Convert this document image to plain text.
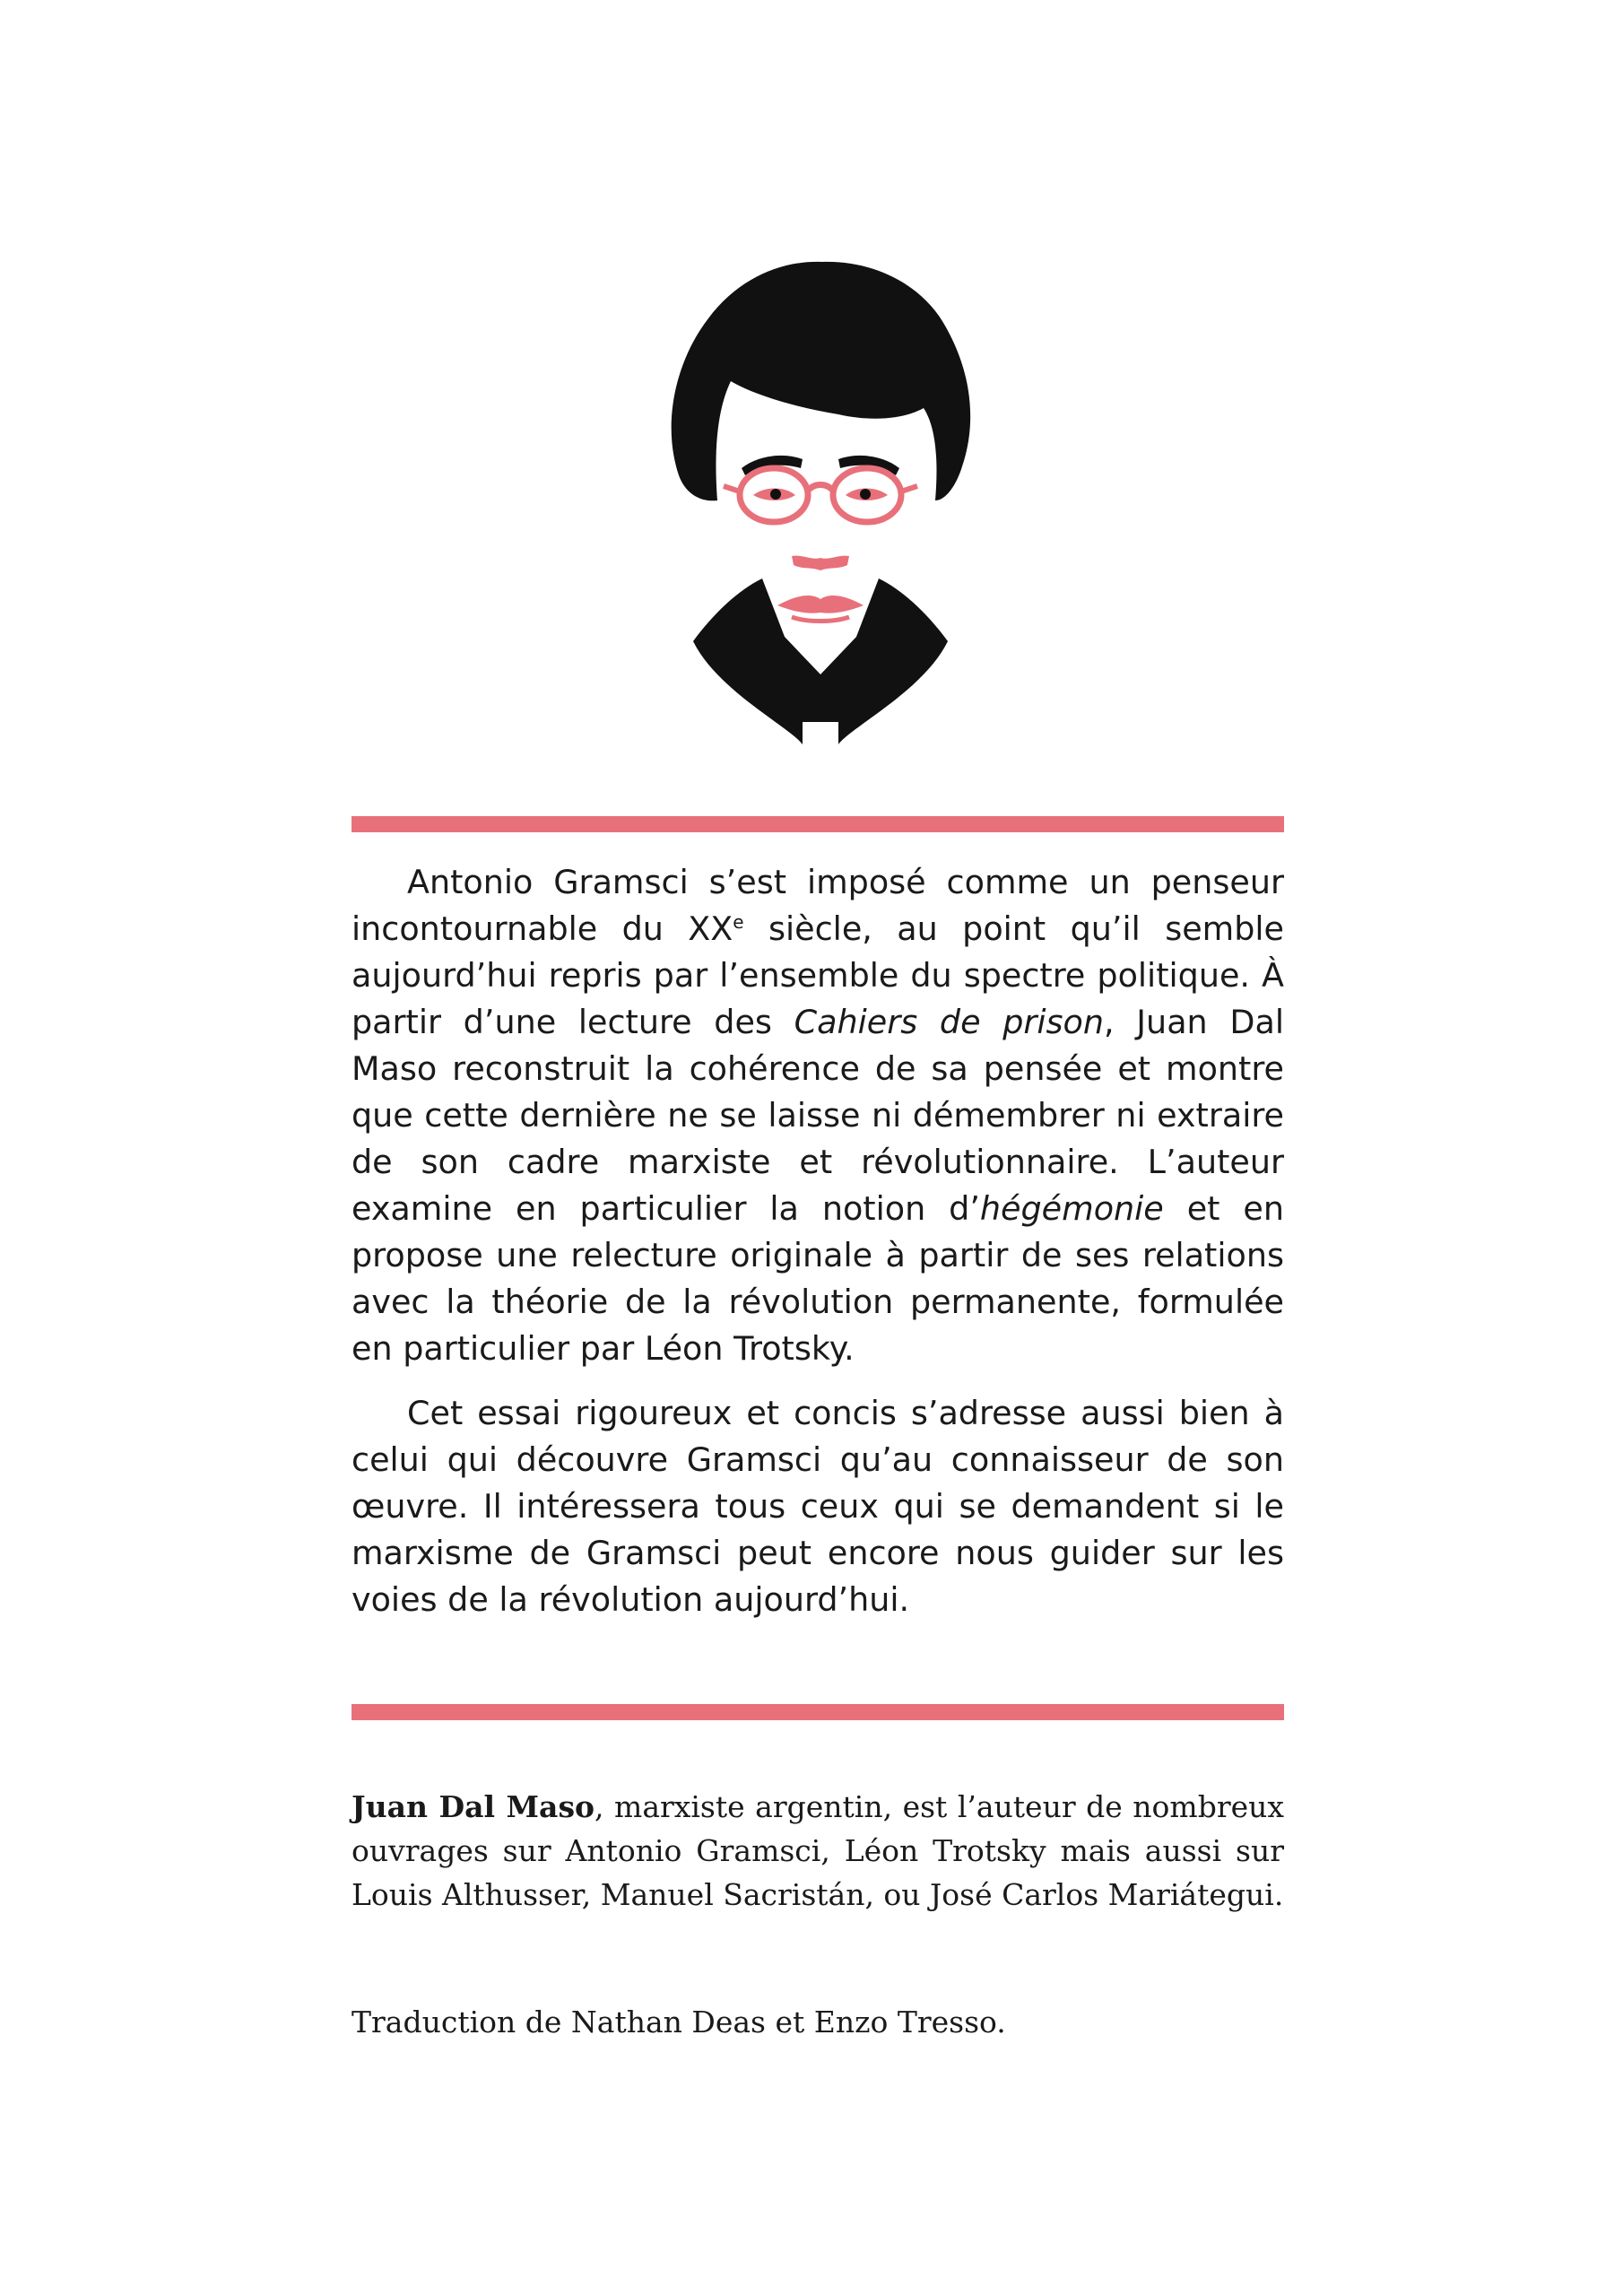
Antonio Gramsci s’est imposé comme un penseur incontournable du XXe siècle, au point qu’il semble aujourd’hui repris par l’ensemble du spectre politique. À partir d’une lecture des Cahiers de prison, Juan Dal Maso reconstruit la cohérence de sa pensée et montre que cette dernière ne se laisse ni démembrer ni extraire de son cadre marxiste et révolutionnaire. L’auteur examine en particulier la notion d’hégémonie et en propose une relecture originale à partir de ses relations avec la théorie de la révolution permanente, formulée en particulier par Léon Trotsky.

Cet essai rigoureux et concis s’adresse aussi bien à celui qui découvre Gramsci qu’au connaisseur de son œuvre. Il intéressera tous ceux qui se demandent si le marxisme de Gramsci peut encore nous guider sur les voies de la révolution aujourd’hui.

Juan Dal Maso, marxiste argentin, est l’auteur de nombreux ouvrages sur Antonio Gramsci, Léon Trotsky mais aussi sur Louis Althusser, Manuel Sacristán, ou José Carlos Mariátegui.

Traduction de Nathan Deas et Enzo Tresso.
